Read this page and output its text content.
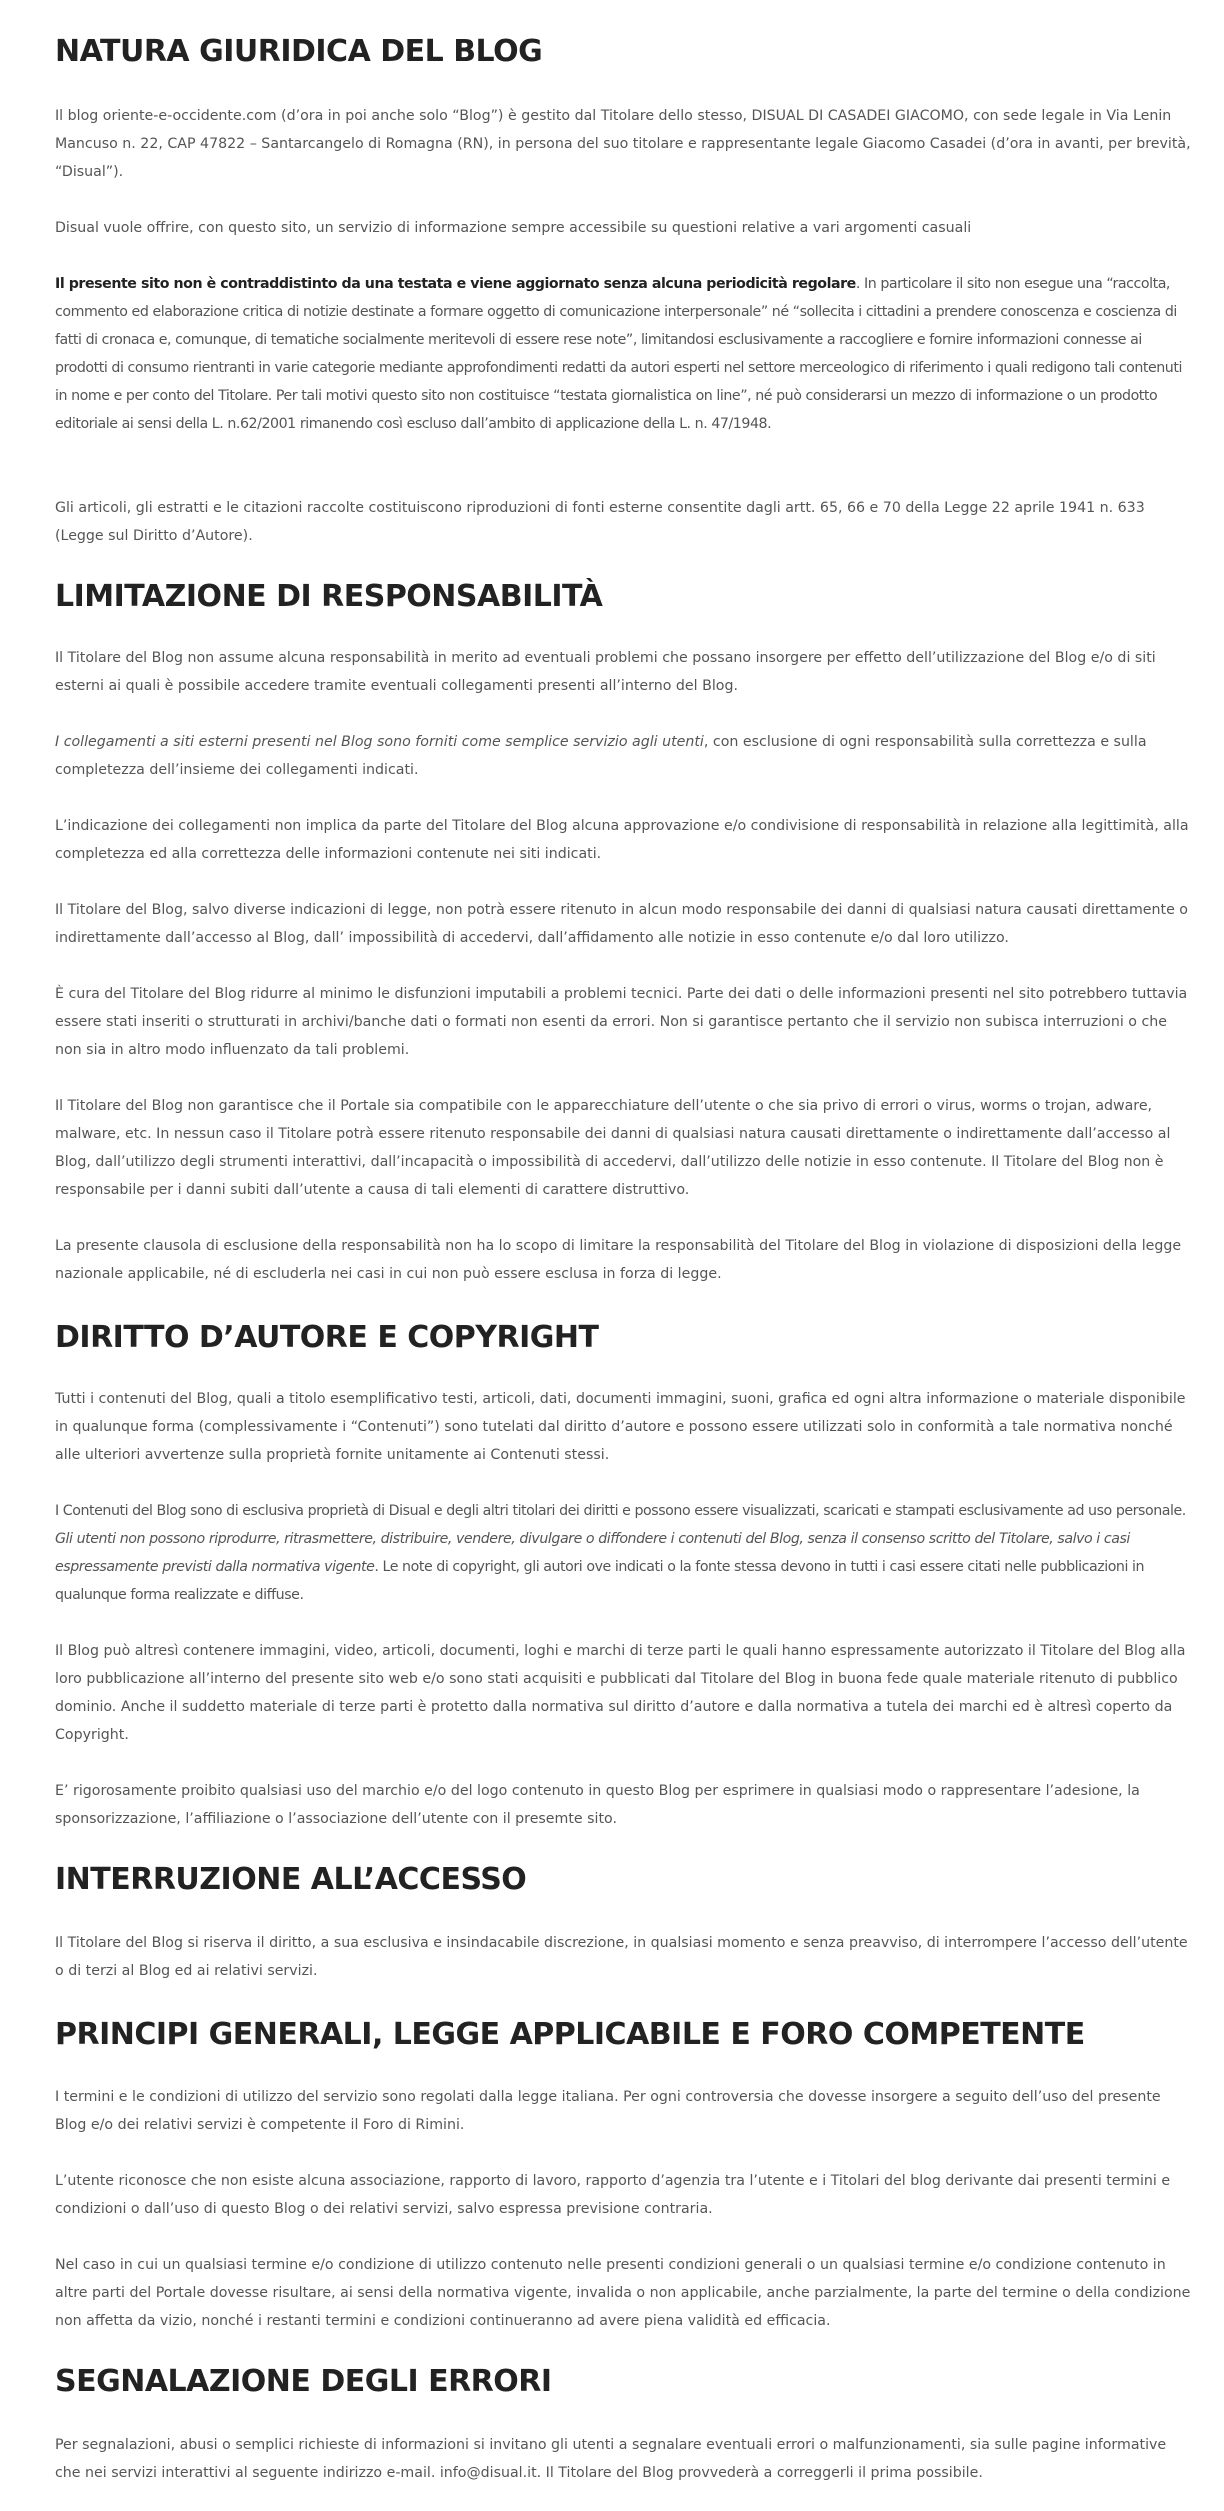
NATURA GIURIDICA DEL BLOG

Il blog oriente-e-occidente.com (d’ora in poi anche solo “Blog”) è gestito dal Titolare dello stesso, DISUAL DI CASADEI GIACOMO, con sede legale in Via Lenin Mancuso n. 22, CAP 47822 – Santarcangelo di Romagna (RN), in persona del suo titolare e rappresentante legale Giacomo Casadei (d’ora in avanti, per brevità, “Disual”).

Disual vuole offrire, con questo sito, un servizio di informazione sempre accessibile su questioni relative a vari argomenti casuali

Il presente sito non è contraddistinto da una testata e viene aggiornato senza alcuna periodicità regolare. In particolare il sito non esegue una “raccolta, commento ed elaborazione critica di notizie destinate a formare oggetto di comunicazione interpersonale” né “sollecita i cittadini a prendere conoscenza e coscienza di fatti di cronaca e, comunque, di tematiche socialmente meritevoli di essere rese note”, limitandosi esclusivamente a raccogliere e fornire informazioni connesse ai prodotti di consumo rientranti in varie categorie mediante approfondimenti redatti da autori esperti nel settore merceologico di riferimento i quali redigono tali contenuti in nome e per conto del Titolare. Per tali motivi questo sito non costituisce “testata giornalistica on line”, né può considerarsi un mezzo di informazione o un prodotto editoriale ai sensi della L. n.62/2001 rimanendo così escluso dall’ambito di applicazione della L. n. 47/1948.

Gli articoli, gli estratti e le citazioni raccolte costituiscono riproduzioni di fonti esterne consentite dagli artt. 65, 66 e 70 della Legge 22 aprile 1941 n. 633 (Legge sul Diritto d’Autore).

LIMITAZIONE DI RESPONSABILITÀ

Il Titolare del Blog non assume alcuna responsabilità in merito ad eventuali problemi che possano insorgere per effetto dell’utilizzazione del Blog e/o di siti esterni ai quali è possibile accedere tramite eventuali collegamenti presenti all’interno del Blog.

I collegamenti a siti esterni presenti nel Blog sono forniti come semplice servizio agli utenti, con esclusione di ogni responsabilità sulla correttezza e sulla completezza dell’insieme dei collegamenti indicati.

L’indicazione dei collegamenti non implica da parte del Titolare del Blog alcuna approvazione e/o condivisione di responsabilità in relazione alla legittimità, alla completezza ed alla correttezza delle informazioni contenute nei siti indicati.

Il Titolare del Blog, salvo diverse indicazioni di legge, non potrà essere ritenuto in alcun modo responsabile dei danni di qualsiasi natura causati direttamente o indirettamente dall’accesso al Blog, dall’ impossibilità di accedervi, dall’affidamento alle notizie in esso contenute e/o dal loro utilizzo.

È cura del Titolare del Blog ridurre al minimo le disfunzioni imputabili a problemi tecnici. Parte dei dati o delle informazioni presenti nel sito potrebbero tuttavia essere stati inseriti o strutturati in archivi/banche dati o formati non esenti da errori. Non si garantisce pertanto che il servizio non subisca interruzioni o che non sia in altro modo influenzato da tali problemi.

Il Titolare del Blog non garantisce che il Portale sia compatibile con le apparecchiature dell’utente o che sia privo di errori o virus, worms o trojan, adware, malware, etc. In nessun caso il Titolare potrà essere ritenuto responsabile dei danni di qualsiasi natura causati direttamente o indirettamente dall’accesso al Blog, dall’utilizzo degli strumenti interattivi, dall’incapacità o impossibilità di accedervi, dall’utilizzo delle notizie in esso contenute. Il Titolare del Blog non è responsabile per i danni subiti dall’utente a causa di tali elementi di carattere distruttivo.

La presente clausola di esclusione della responsabilità non ha lo scopo di limitare la responsabilità del Titolare del Blog in violazione di disposizioni della legge nazionale applicabile, né di escluderla nei casi in cui non può essere esclusa in forza di legge.

DIRITTO D’AUTORE E COPYRIGHT

Tutti i contenuti del Blog, quali a titolo esemplificativo testi, articoli, dati, documenti immagini, suoni, grafica ed ogni altra informazione o materiale disponibile in qualunque forma (complessivamente i “Contenuti”) sono tutelati dal diritto d’autore e possono essere utilizzati solo in conformità a tale normativa nonché alle ulteriori avvertenze sulla proprietà fornite unitamente ai Contenuti stessi.

I Contenuti del Blog sono di esclusiva proprietà di Disual e degli altri titolari dei diritti e possono essere visualizzati, scaricati e stampati esclusivamente ad uso personale. Gli utenti non possono riprodurre, ritrasmettere, distribuire, vendere, divulgare o diffondere i contenuti del Blog, senza il consenso scritto del Titolare, salvo i casi espressamente previsti dalla normativa vigente. Le note di copyright, gli autori ove indicati o la fonte stessa devono in tutti i casi essere citati nelle pubblicazioni in qualunque forma realizzate e diffuse.

Il Blog può altresì contenere immagini, video, articoli, documenti, loghi e marchi di terze parti le quali hanno espressamente autorizzato il Titolare del Blog alla loro pubblicazione all’interno del presente sito web e/o sono stati acquisiti e pubblicati dal Titolare del Blog in buona fede quale materiale ritenuto di pubblico dominio. Anche il suddetto materiale di terze parti è protetto dalla normativa sul diritto d’autore e dalla normativa a tutela dei marchi ed è altresì coperto da Copyright.

E’ rigorosamente proibito qualsiasi uso del marchio e/o del logo contenuto in questo Blog per esprimere in qualsiasi modo o rappresentare l’adesione, la sponsorizzazione, l’affiliazione o l’associazione dell’utente con il presemte sito.

INTERRUZIONE ALL’ACCESSO

Il Titolare del Blog si riserva il diritto, a sua esclusiva e insindacabile discrezione, in qualsiasi momento e senza preavviso, di interrompere l’accesso dell’utente o di terzi al Blog ed ai relativi servizi.

PRINCIPI GENERALI, LEGGE APPLICABILE E FORO COMPETENTE

I termini e le condizioni di utilizzo del servizio sono regolati dalla legge italiana. Per ogni controversia che dovesse insorgere a seguito dell’uso del presente Blog e/o dei relativi servizi è competente il Foro di Rimini.

L’utente riconosce che non esiste alcuna associazione, rapporto di lavoro, rapporto d’agenzia tra l’utente e i Titolari del blog derivante dai presenti termini e condizioni o dall’uso di questo Blog o dei relativi servizi, salvo espressa previsione contraria.

Nel caso in cui un qualsiasi termine e/o condizione di utilizzo contenuto nelle presenti condizioni generali o un qualsiasi termine e/o condizione contenuto in altre parti del Portale dovesse risultare, ai sensi della normativa vigente, invalida o non applicabile, anche parzialmente, la parte del termine o della condizione non affetta da vizio, nonché i restanti termini e condizioni continueranno ad avere piena validità ed efficacia.

SEGNALAZIONE DEGLI ERRORI

Per segnalazioni, abusi o semplici richieste di informazioni si invitano gli utenti a segnalare eventuali errori o malfunzionamenti, sia sulle pagine informative che nei servizi interattivi al seguente indirizzo e-mail. info@disual.it. Il Titolare del Blog provvederà a correggerli il prima possibile.
